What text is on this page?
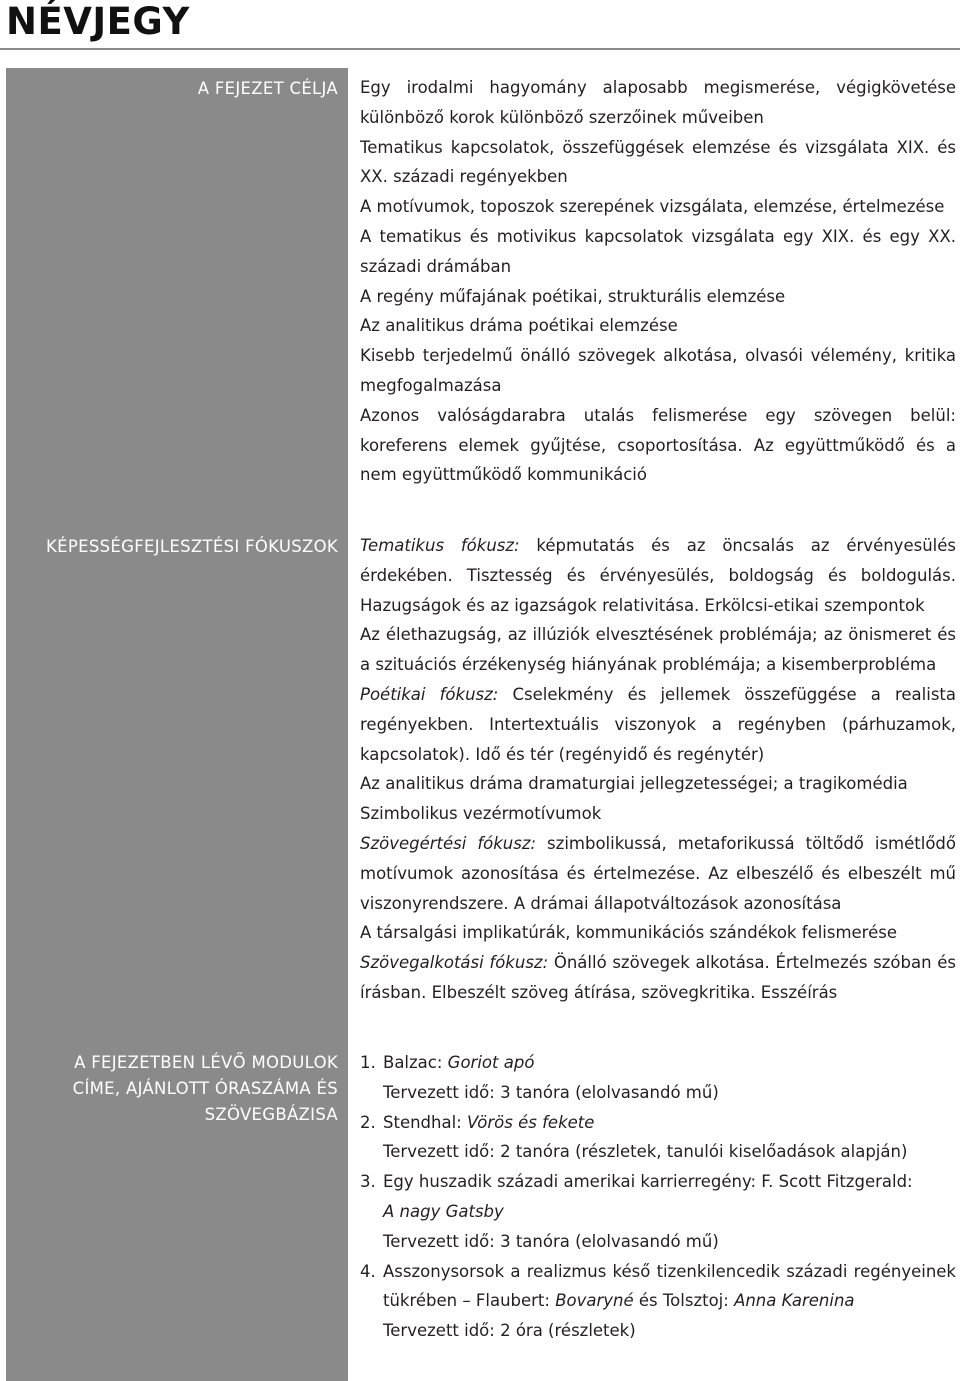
NÉVJEGY
A FEJEZET CÉLJA
KÉPESSÉGFEJLESZTÉSI FÓKUSZOK
A FEJEZETBEN LÉVŐ MODULOK
CÍME, AJÁNLOTT ÓRASZÁMA ÉS
SZÖVEGBÁZISA

Egy irodalmi hagyomány alaposabb megismerése, végigkövetése különböző korok különböző szerzőinek műveiben

Tematikus kapcsolatok, összefüggések elemzése és vizsgálata XIX. és XX. századi regényekben

A motívumok, toposzok szerepének vizsgálata, elemzése, értelmezése

A tematikus és motivikus kapcsolatok vizsgálata egy XIX. és egy XX. századi drámában

A regény műfajának poétikai, strukturális elemzése

Az analitikus dráma poétikai elemzése

Kisebb terjedelmű önálló szövegek alkotása, olvasói vélemény, kritika megfogalmazása

Azonos valóságdarabra utalás felismerése egy szövegen belül: koreferens elemek gyűjtése, csoportosítása. Az együttműködő és a nem együttműködő kommunikáció

Tematikus fókusz: képmutatás és az öncsalás az érvényesülés érdekében. Tisztesség és érvényesülés, boldogság és boldogulás. Hazugságok és az igazságok relativitása. Erkölcsi-etikai szempontok

Az élethazugság, az illúziók elvesztésének problémája; az önismeret és a szituációs érzékenység hiányának problémája; a kisemberprobléma

Poétikai fókusz: Cselekmény és jellemek összefüggése a realista regényekben. Intertextuális viszonyok a regényben (párhuzamok, kapcsolatok). Idő és tér (regényidő és regénytér)

Az analitikus dráma dramaturgiai jellegzetességei; a tragikomédia

Szimbolikus vezérmotívumok

Szövegértési fókusz: szimbolikussá, metaforikussá töltődő ismétlődő motívumok azonosítása és értelmezése. Az elbeszélő és elbeszélt mű viszonyrendszere. A drámai állapotváltozások azonosítása

A társalgási implikatúrák, kommunikációs szándékok felismerése

Szövegalkotási fókusz: Önálló szövegek alkotása. Értelmezés szóban és írásban. Elbeszélt szöveg átírása, szövegkritika. Esszéírás

1. Balzac: Goriot apó
Tervezett idő: 3 tanóra (elolvasandó mű)
2. Stendhal: Vörös és fekete
Tervezett idő: 2 tanóra (részletek, tanulói kiselőadások alapján)
3. Egy huszadik századi amerikai karrierregény: F. Scott Fitzgerald:
A nagy Gatsby
Tervezett idő: 3 tanóra (elolvasandó mű)
4. Asszonysorsok a realizmus késő tizenkilencedik századi regényeinek tükrében – Flaubert: Bovaryné és Tolsztoj: Anna Karenina
Tervezett idő: 2 óra (részletek)
